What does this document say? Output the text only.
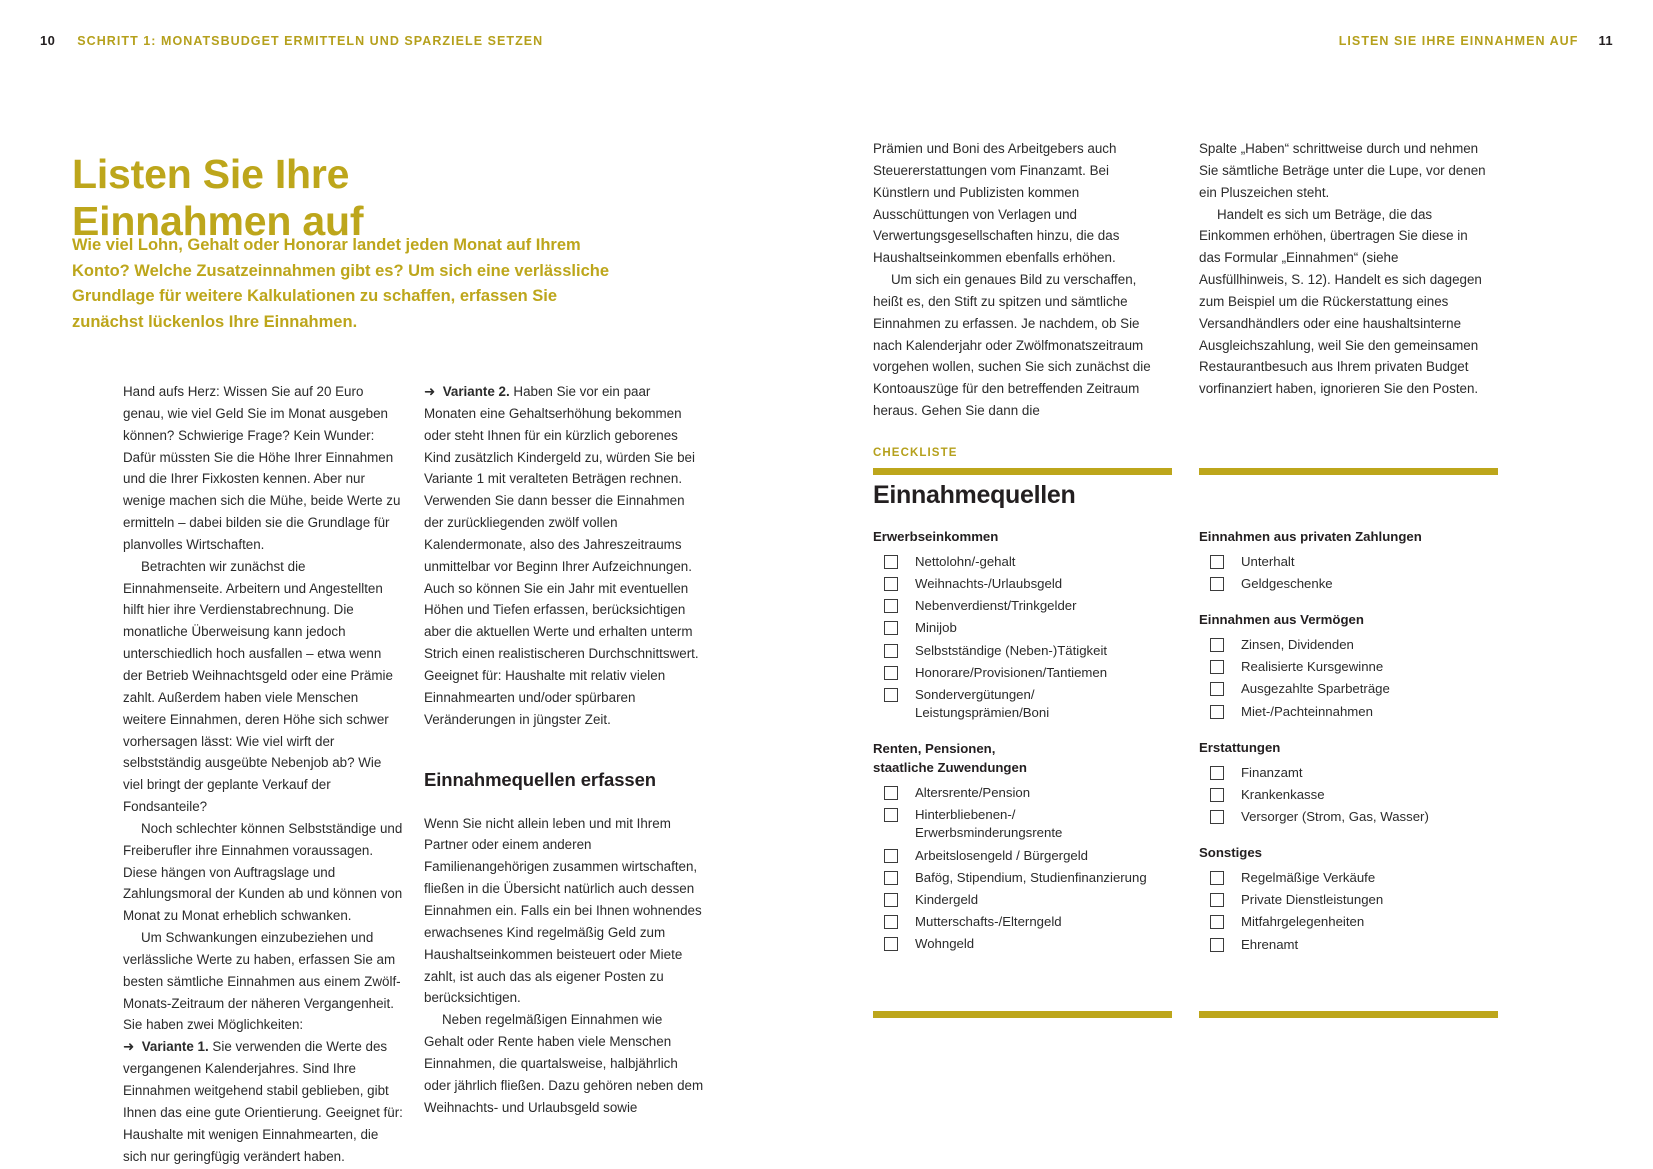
10 SCHRITT 1: MONATSBUDGET ERMITTELN UND SPARZIELE SETZEN	LISTEN SIE IHRE EINNAHMEN AUF 11
Listen Sie Ihre
Einnahmen auf
Wie viel Lohn, Gehalt oder Honorar landet jeden Monat auf Ihrem Konto? Welche Zusatzeinnahmen gibt es? Um sich eine verlässliche Grundlage für weitere Kalkulationen zu schaffen, erfassen Sie zunächst lückenlos Ihre Einnahmen.

Hand aufs Herz: Wissen Sie auf 20 Euro genau, wie viel Geld Sie im Monat ausgeben können? Schwierige Frage? Kein Wunder: Dafür müssten Sie die Höhe Ihrer Einnahmen und die Ihrer Fixkosten kennen. Aber nur wenige machen sich die Mühe, beide Werte zu ermitteln – dabei bilden sie die Grundlage für planvolles Wirtschaften.

Betrachten wir zunächst die Einnahmenseite. Arbeitern und Angestellten hilft hier ihre Verdienstabrechnung. Die monatliche Überweisung kann jedoch unterschiedlich hoch ausfallen – etwa wenn der Betrieb Weihnachtsgeld oder eine Prämie zahlt. Außerdem haben viele Menschen weitere Einnahmen, deren Höhe sich schwer vorhersagen lässt: Wie viel wirft der selbstständig ausgeübte Nebenjob ab? Wie viel bringt der geplante Verkauf der Fondsanteile?

Noch schlechter können Selbstständige und Freiberufler ihre Einnahmen voraussagen. Diese hängen von Auftragslage und Zahlungsmoral der Kunden ab und können von Monat zu Monat erheblich schwanken.

Um Schwankungen einzubeziehen und verlässliche Werte zu haben, erfassen Sie am besten sämtliche Einnahmen aus einem Zwölf-Monats-Zeitraum der näheren Vergangenheit. Sie haben zwei Möglichkeiten:

➜ Variante 1. Sie verwenden die Werte des vergangenen Kalenderjahres. Sind Ihre Einnahmen weitgehend stabil geblieben, gibt Ihnen das eine gute Orientierung. Geeignet für: Haushalte mit wenigen Einnahmearten, die sich nur geringfügig verändert haben.

➜ Variante 2. Haben Sie vor ein paar Monaten eine Gehaltserhöhung bekommen oder steht Ihnen für ein kürzlich geborenes Kind zusätzlich Kindergeld zu, würden Sie bei Variante 1 mit veralteten Beträgen rechnen. Verwenden Sie dann besser die Einnahmen der zurückliegenden zwölf vollen Kalendermonate, also des Jahreszeitraums unmittelbar vor Beginn Ihrer Aufzeichnungen. Auch so können Sie ein Jahr mit eventuellen Höhen und Tiefen erfassen, berücksichtigen aber die aktuellen Werte und erhalten unterm Strich einen realistischeren Durchschnittswert. Geeignet für: Haushalte mit relativ vielen Einnahmearten und/oder spürbaren Veränderungen in jüngster Zeit.

Einnahmequellen erfassen

Wenn Sie nicht allein leben und mit Ihrem Partner oder einem anderen Familienangehörigen zusammen wirtschaften, fließen in die Übersicht natürlich auch dessen Einnahmen ein. Falls ein bei Ihnen wohnendes erwachsenes Kind regelmäßig Geld zum Haushaltseinkommen beisteuert oder Miete zahlt, ist auch das als eigener Posten zu berücksichtigen.

Neben regelmäßigen Einnahmen wie Gehalt oder Rente haben viele Menschen Einnahmen, die quartalsweise, halbjährlich oder jährlich fließen. Dazu gehören neben dem Weihnachts- und Urlaubsgeld sowie

Prämien und Boni des Arbeitgebers auch Steuererstattungen vom Finanzamt. Bei Künstlern und Publizisten kommen Ausschüttungen von Verlagen und Verwertungsgesellschaften hinzu, die das Haushaltseinkommen ebenfalls erhöhen.

Um sich ein genaues Bild zu verschaffen, heißt es, den Stift zu spitzen und sämtliche Einnahmen zu erfassen. Je nachdem, ob Sie nach Kalenderjahr oder Zwölfmonatszeitraum vorgehen wollen, suchen Sie sich zunächst die Kontoauszüge für den betreffenden Zeitraum heraus. Gehen Sie dann die

Spalte „Haben“ schrittweise durch und nehmen Sie sämtliche Beträge unter die Lupe, vor denen ein Pluszeichen steht.

Handelt es sich um Beträge, die das Einkommen erhöhen, übertragen Sie diese in das Formular „Einnahmen“ (siehe Ausfüllhinweis, S. 12). Handelt es sich dagegen zum Beispiel um die Rückerstattung eines Versandhändlers oder eine haushaltsinterne Ausgleichszahlung, weil Sie den gemeinsamen Restaurantbesuch aus Ihrem privaten Budget vorfinanziert haben, ignorieren Sie den Posten.

CHECKLISTE
Einnahmequellen
Erwerbseinkommen
Nettolohn/-gehalt
Weihnachts-/Urlaubsgeld
Nebenverdienst/Trinkgelder
Minijob
Selbstständige (Neben-)Tätigkeit
Honorare/Provisionen/Tantiemen
Sondervergütungen/
Leistungsprämien/Boni
Renten, Pensionen,
staatliche Zuwendungen
Altersrente/Pension
Hinterbliebenen-/
Erwerbsminderungsrente
Arbeitslosengeld / Bürgergeld
Bafög, Stipendium, Studienfinanzierung
Kindergeld
Mutterschafts-/Elterngeld
Wohngeld
Einnahmen aus privaten Zahlungen
Unterhalt
Geldgeschenke
Einnahmen aus Vermögen
Zinsen, Dividenden
Realisierte Kursgewinne
Ausgezahlte Sparbeträge
Miet-/Pachteinnahmen
Erstattungen
Finanzamt
Krankenkasse
Versorger (Strom, Gas, Wasser)
Sonstiges
Regelmäßige Verkäufe
Private Dienstleistungen
Mitfahrgelegenheiten
Ehrenamt
